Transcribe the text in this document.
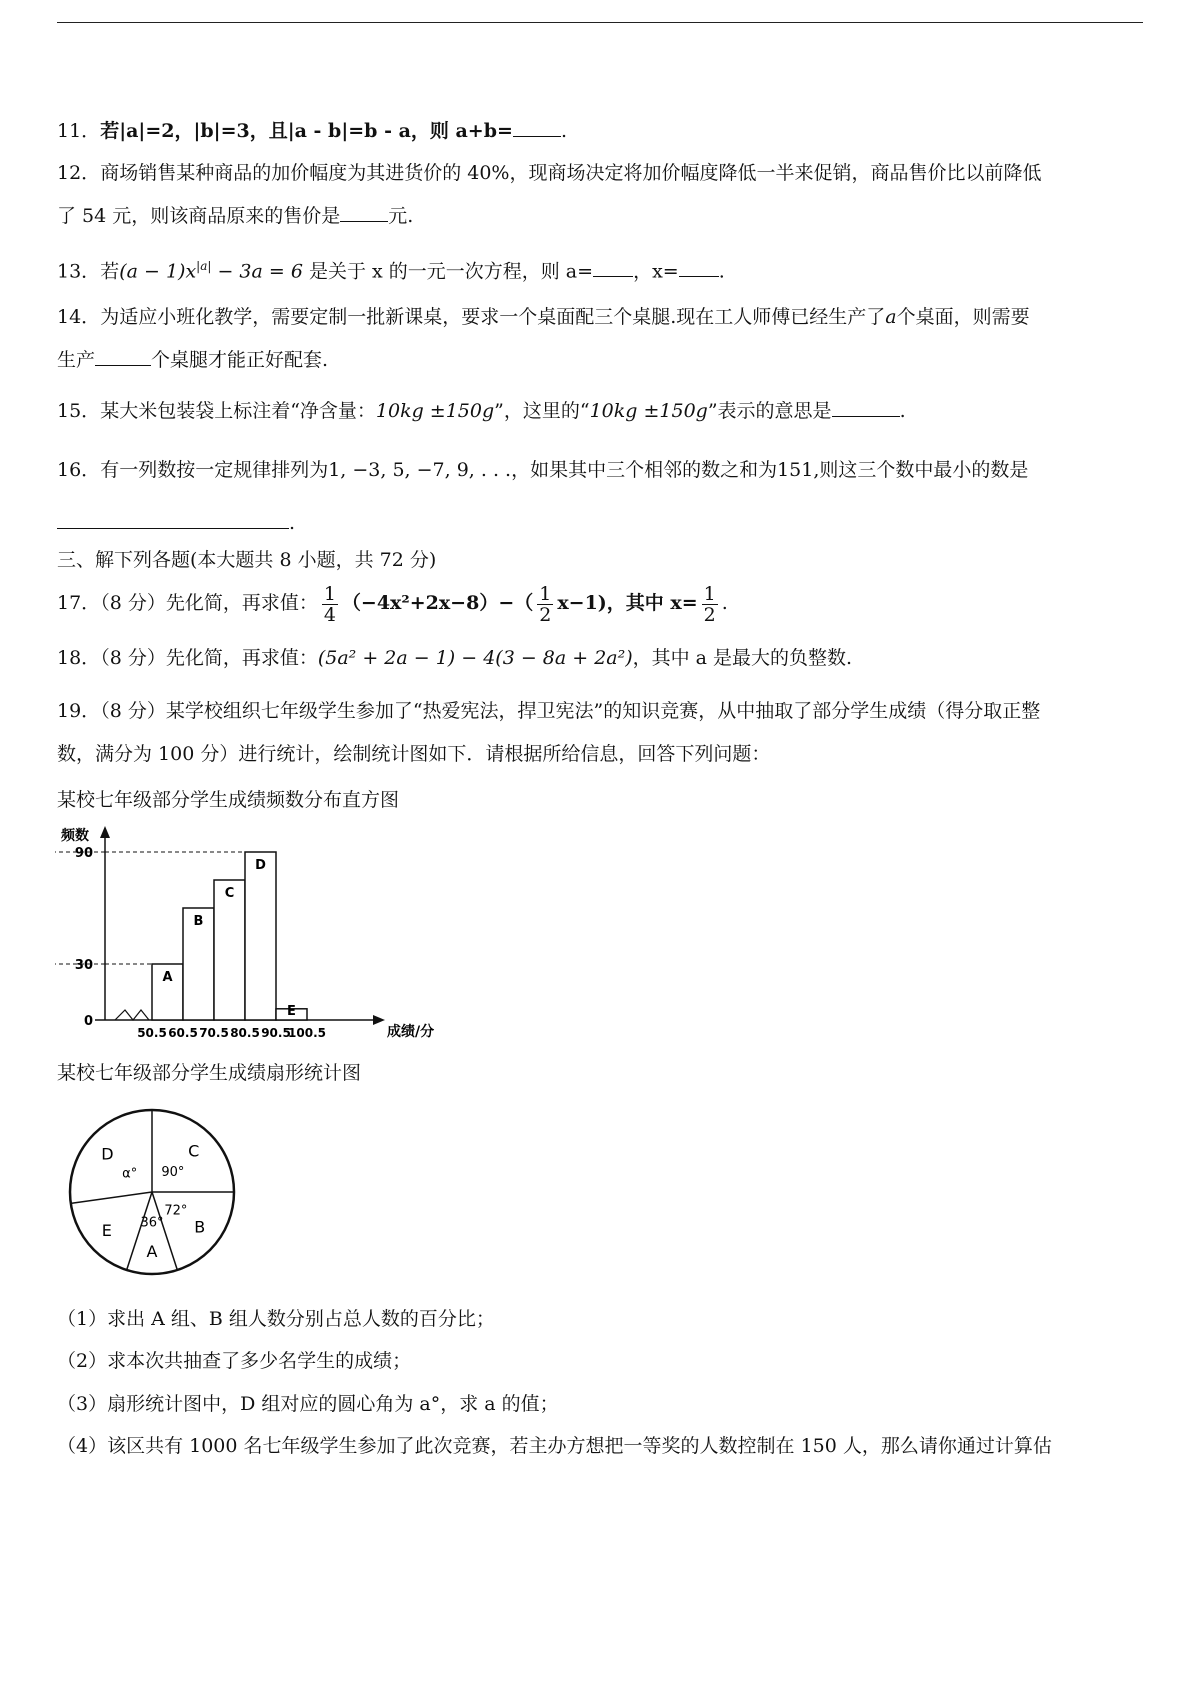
11．若|a|=2，|b|=3，且|a - b|=b - a，则 a+b=	.
12．商场销售某种商品的加价幅度为其进货价的 40%，现商场决定将加价幅度降低一半来促销，商品售价比以前降低
了 54 元，则该商品原来的售价是	元.
13．若$(a - 1)x^{|a|} - 3a = 6$ 是关于 x 的一元一次方程，则 a= ，x= .
14．为适应小班化教学，需要定制一批新课桌，要求一个桌面配三个桌腿.现在工人师傅已经生产了a个桌面，则需要
生产	个桌腿才能正好配套.
15．某大米包装袋上标注着“净含量：10kg ±150g”，这里的“10kg ±150g”表示的意思是	.
16．有一列数按一定规律排列为1, −3, 5, −7, 9, . . .，如果其中三个相邻的数之和为151,则这三个数中最小的数是
.
三、解下列各题(本大题共 8 小题，共 72 分)
17．（8 分）先化简，再求值： $\frac{1}{4} (-4x^2+2x-8)-( \frac{1}{2} x-1)$，其中 $x= \frac{1}{2}$ .
18．（8 分）先化简，再求值：(5a² + 2a − 1) − 4(3 − 8a + 2a²)，其中 a 是最大的负整数.
19．（8 分）某学校组织七年级学生参加了“热爱宪法，捍卫宪法”的知识竞赛，从中抽取了部分学生成绩（得分取正整
数，满分为 100 分）进行统计，绘制统计图如下．请根据所给信息，回答下列问题：
某校七年级部分学生成绩频数分布直方图
频数
0
30
90
A
B
C
D
E
50.5 60.5 70.5 80.5 90.5
100.5	成绩/分
某校七年级部分学生成绩扇形统计图
C
90°
B
72°
A
36°
E
D
α°
（1）求出 A 组、B 组人数分别占总人数的百分比；
（2）求本次共抽查了多少名学生的成绩；
（3）扇形统计图中，D 组对应的圆心角为 a°，求 a 的值；
（4）该区共有 1000 名七年级学生参加了此次竞赛，若主办方想把一等奖的人数控制在 150 人，那么请你通过计算估
